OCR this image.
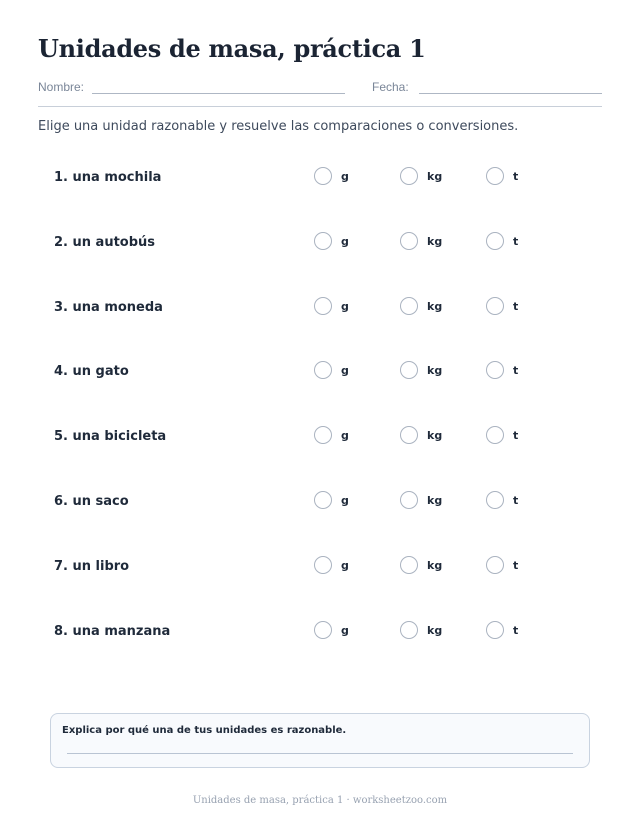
Unidades de masa, práctica 1
Nombre:	Fecha:

Elige una unidad razonable y resuelve las comparaciones o conversiones.

1. una mochila	g	kg	t
2. un autobús	g	kg	t
3. una moneda	g	kg	t
4. un gato	g	kg	t
5. una bicicleta	g	kg	t
6. un saco	g	kg	t
7. un libro	g	kg	t
8. una manzana	g	kg	t
Explica por qué una de tus unidades es razonable.
Unidades de masa, práctica 1 · worksheetzoo.com
